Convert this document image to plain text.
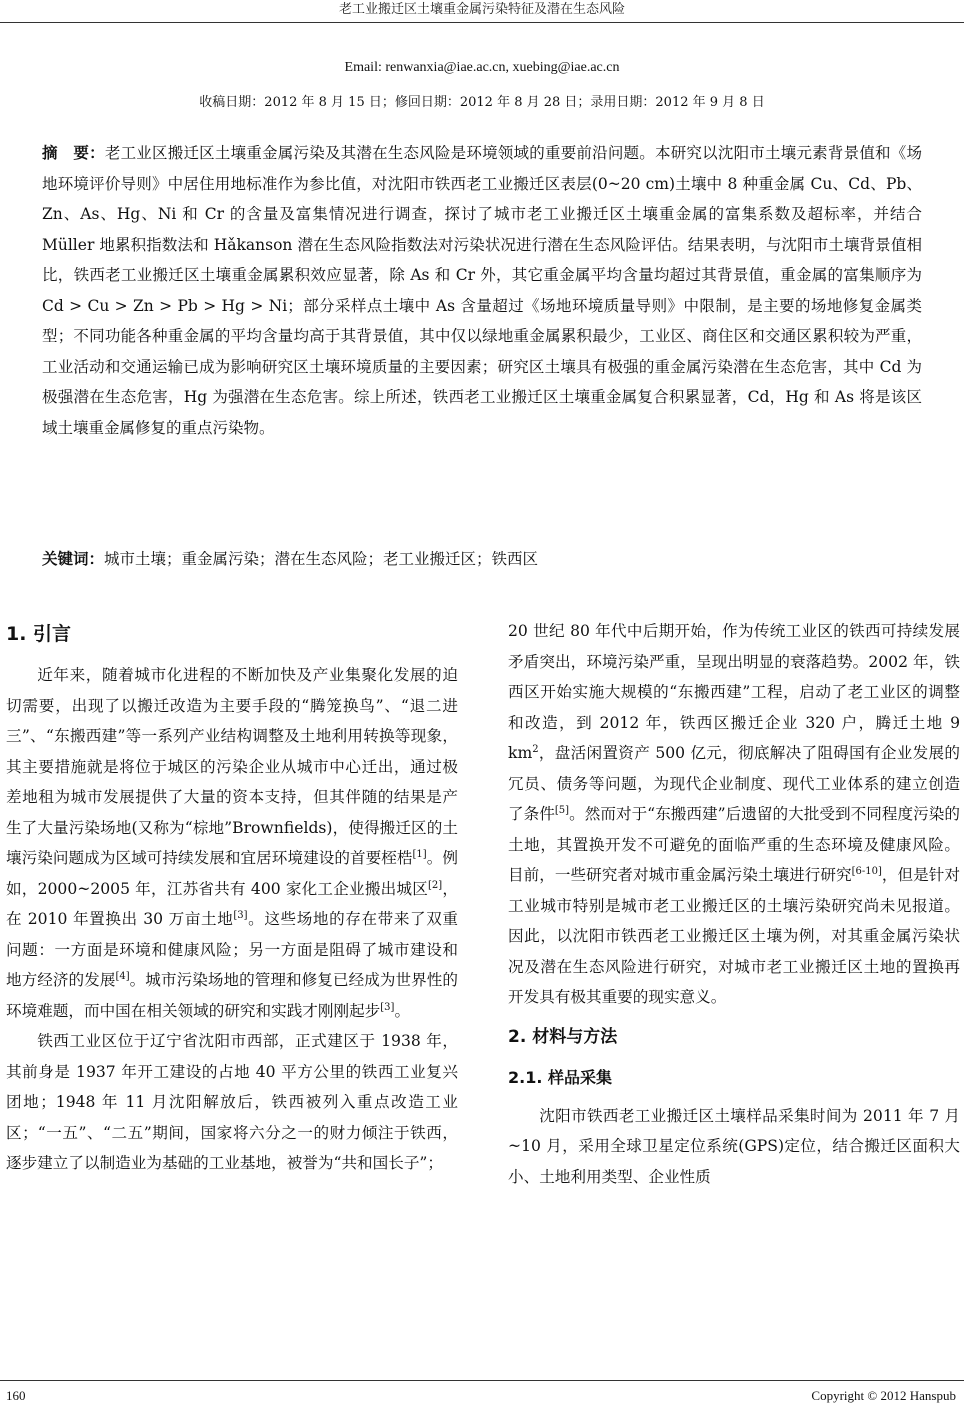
老工业搬迁区土壤重金属污染特征及潜在生态风险
Email: renwanxia@iae.ac.cn, xuebing@iae.ac.cn
收稿日期：2012 年 8 月 15 日；修回日期：2012 年 8 月 28 日；录用日期：2012 年 9 月 8 日
摘　要：老工业区搬迁区土壤重金属污染及其潜在生态风险是环境领域的重要前沿问题。本研究以沈阳市土壤元素背景值和《场地环境评价导则》中居住用地标准作为参比值，对沈阳市铁西老工业搬迁区表层(0~20 cm)土壤中 8 种重金属 Cu、Cd、Pb、Zn、As、Hg、Ni 和 Cr 的含量及富集情况进行调查，探讨了城市老工业搬迁区土壤重金属的富集系数及超标率，并结合 Müller 地累积指数法和 Hǎkanson 潜在生态风险指数法对污染状况进行潜在生态风险评估。结果表明，与沈阳市土壤背景值相比，铁西老工业搬迁区土壤重金属累积效应显著，除 As 和 Cr 外，其它重金属平均含量均超过其背景值，重金属的富集顺序为 Cd > Cu > Zn > Pb > Hg > Ni；部分采样点土壤中 As 含量超过《场地环境质量导则》中限制，是主要的场地修复金属类型；不同功能各种重金属的平均含量均高于其背景值，其中仅以绿地重金属累积最少，工业区、商住区和交通区累积较为严重，工业活动和交通运输已成为影响研究区土壤环境质量的主要因素；研究区土壤具有极强的重金属污染潜在生态危害，其中 Cd 为极强潜在生态危害，Hg 为强潜在生态危害。综上所述，铁西老工业搬迁区土壤重金属复合积累显著，Cd，Hg 和 As 将是该区域土壤重金属修复的重点污染物。
关键词：城市土壤；重金属污染；潜在生态风险；老工业搬迁区；铁西区
1. 引言

近年来，随着城市化进程的不断加快及产业集聚化发展的迫切需要，出现了以搬迁改造为主要手段的“腾笼换鸟”、“退二进三”、“东搬西建”等一系列产业结构调整及土地利用转换等现象，其主要措施就是将位于城区的污染企业从城市中心迁出，通过极差地租为城市发展提供了大量的资本支持，但其伴随的结果是产生了大量污染场地(又称为“棕地”Brownfields)，使得搬迁区的土壤污染问题成为区域可持续发展和宜居环境建设的首要桎梏[1]。例如，2000~2005 年，江苏省共有 400 家化工企业搬出城区[2]，在 2010 年置换出 30 万亩土地[3]。这些场地的存在带来了双重问题：一方面是环境和健康风险；另一方面是阻碍了城市建设和地方经济的发展[4]。城市污染场地的管理和修复已经成为世界性的环境难题，而中国在相关领域的研究和实践才刚刚起步[3]。

铁西工业区位于辽宁省沈阳市西部，正式建区于 1938 年，其前身是 1937 年开工建设的占地 40 平方公里的铁西工业复兴团地；1948 年 11 月沈阳解放后，铁西被列入重点改造工业区；“一五”、“二五”期间，国家将六分之一的财力倾注于铁西，逐步建立了以制造业为基础的工业基地，被誉为“共和国长子”；

20 世纪 80 年代中后期开始，作为传统工业区的铁西可持续发展矛盾突出，环境污染严重，呈现出明显的衰落趋势。2002 年，铁西区开始实施大规模的“东搬西建”工程，启动了老工业区的调整和改造，到 2012 年，铁西区搬迁企业 320 户，腾迁土地 9 $km^2$，盘活闲置资产 500 亿元，彻底解决了阻碍国有企业发展的冗员、债务等问题，为现代企业制度、现代工业体系的建立创造了条件[5]。然而对于“东搬西建”后遗留的大批受到不同程度污染的土地，其置换开发不可避免的面临严重的生态环境及健康风险。目前，一些研究者对城市重金属污染土壤进行研究[6-10]，但是针对工业城市特别是城市老工业搬迁区的土壤污染研究尚未见报道。因此，以沈阳市铁西老工业搬迁区土壤为例，对其重金属污染状况及潜在生态风险进行研究，对城市老工业搬迁区土地的置换再开发具有极其重要的现实意义。

2. 材料与方法
2.1. 样品采集

沈阳市铁西老工业搬迁区土壤样品采集时间为 2011 年 7 月~10 月，采用全球卫星定位系统(GPS)定位，结合搬迁区面积大小、土地利用类型、企业性质

160	Copyright © 2012 Hanspub
